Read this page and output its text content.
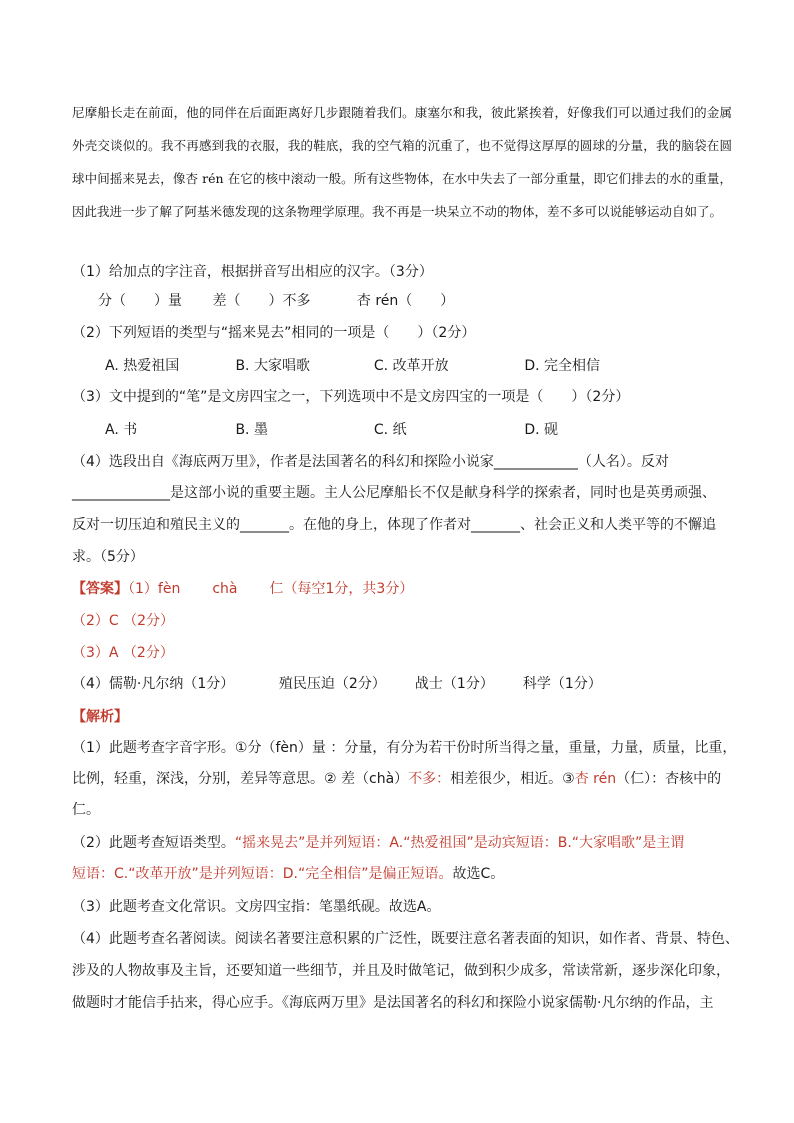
尼摩船长走在前面，他的同伴在后面距离好几步跟随着我们。康塞尔和我，彼此紧挨着，好像我们可以通过我们的金属外壳交谈似的。我不再感到我的衣服，我的鞋底，我的空气箱的沉重了，也不觉得这厚厚的圆球的分量，我的脑袋在圆球中间摇来晃去，像杏 rén 在它的核中滚动一般。所有这些物体，在水中失去了一部分重量，即它们排去的水的重量，因此我进一步了解了阿基米德发现的这条物理学原理。我不再是一块呆立不动的物体，差不多可以说能够运动自如了。
（1）给加点的字注音，根据拼音写出相应的汉字。（3分）
分（　　）量 差（　　）不多	杏 rén（　　）
（2）下列短语的类型与“摇来晃去”相同的一项是（　　）（2分）
A. 热爱祖国	B. 大家唱歌	C. 改革开放	D. 完全相信
（3）文中提到的“笔”是文房四宝之一，下列选项中不是文房四宝的一项是（　　）（2分）
A. 书	B. 墨	C. 纸	D. 砚
（4）选段出自《海底两万里》，作者是法国著名的科幻和探险小说家____________（人名）。反对
______________是这部小说的重要主题。主人公尼摩船长不仅是献身科学的探索者，同时也是英勇顽强、
反对一切压迫和殖民主义的_______。在他的身上，体现了作者对_______、社会正义和人类平等的不懈追
求。（5分）
【答案】（1）fèn chà 仁（每空1分，共3分）
（2）C （2分）
（3）A （2分）
（4）儒勒·凡尔纳（1分）	殖民压迫（2分） 战士（1分） 科学（1分）
【解析】
（1）此题考查字音字形。①分（fèn）量 ：分量，有分为若干份时所当得之量，重量，力量，质量，比重，
比例，轻重，深浅，分别，差异等意思。② 差（chà）不多：相差很少，相近。③杏 rén（仁）：杏核中的
仁。
（2）此题考查短语类型。“摇来晃去”是并列短语：A.“热爱祖国”是动宾短语：B.“大家唱歌”是主谓
短语：C.“改革开放”是并列短语：D.“完全相信”是偏正短语。故选C。
（3）此题考查文化常识。文房四宝指：笔墨纸砚。故选A。
（4）此题考查名著阅读。阅读名著要注意积累的广泛性，既要注意名著表面的知识，如作者、背景、特色、
涉及的人物故事及主旨，还要知道一些细节，并且及时做笔记，做到积少成多，常读常新，逐步深化印象，
做题时才能信手拈来，得心应手。《海底两万里》是法国著名的科幻和探险小说家儒勒·凡尔纳的作品，主
